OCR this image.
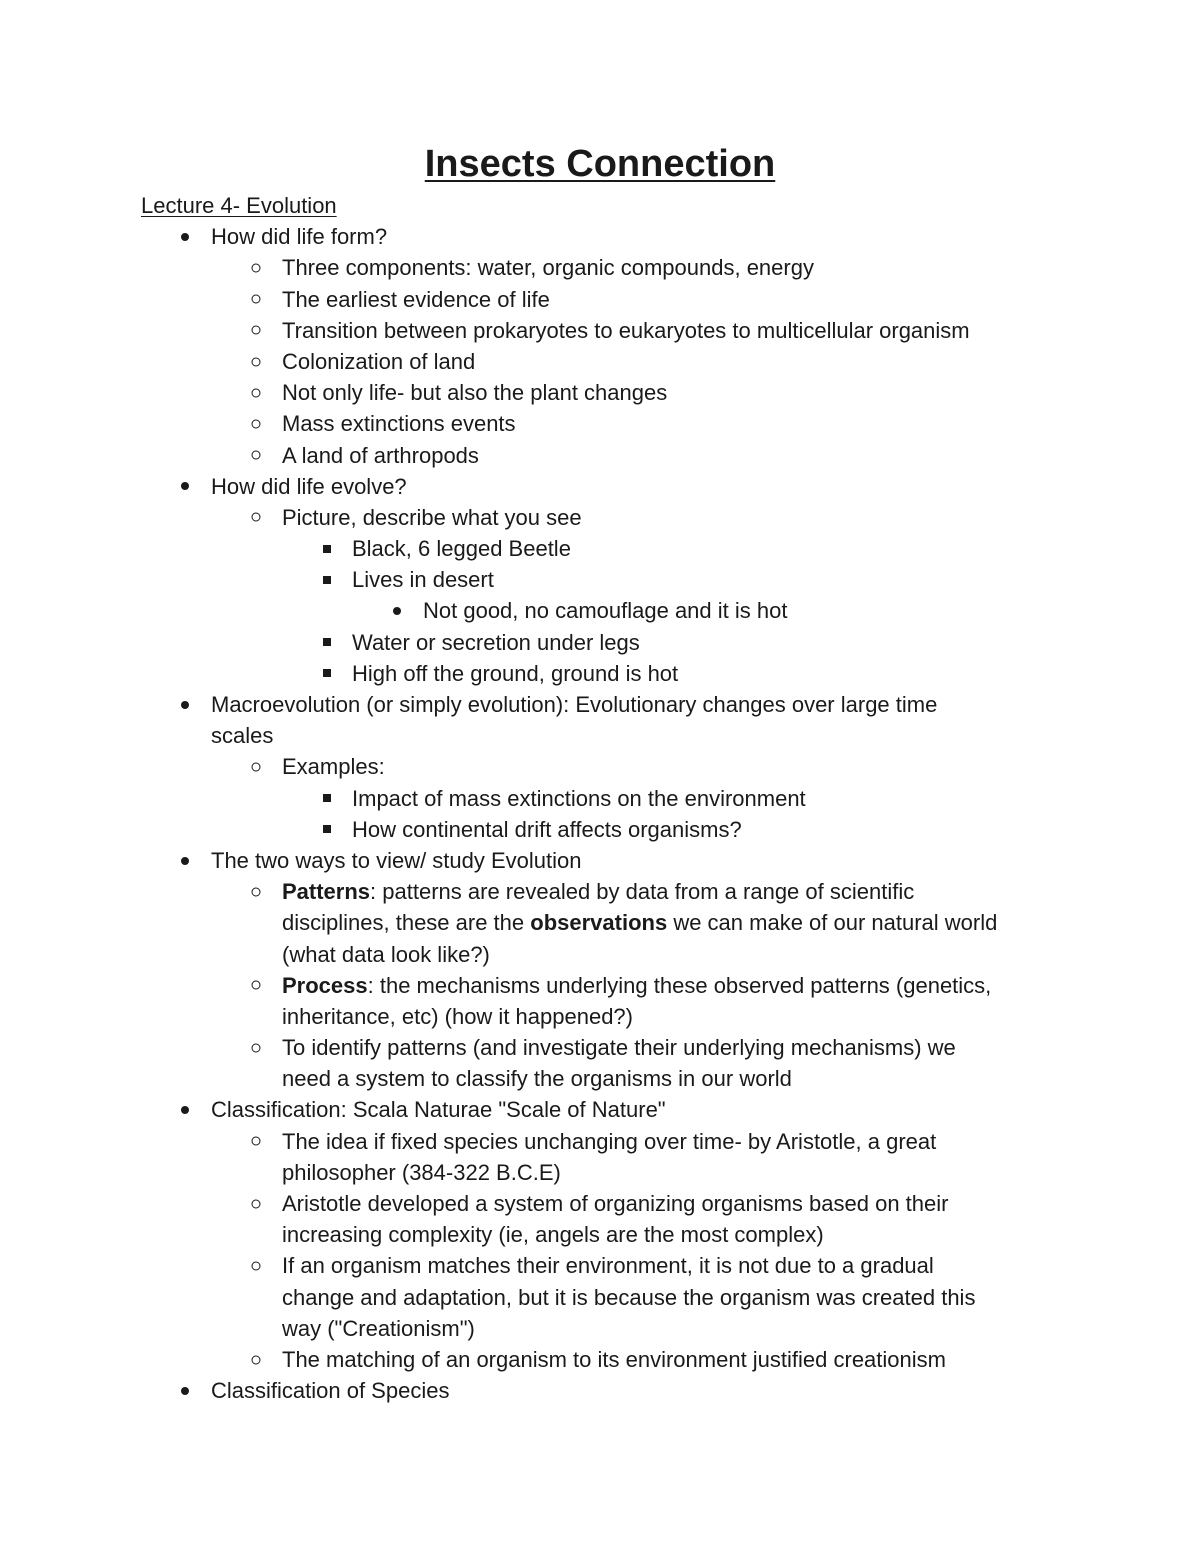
Insects Connection
Lecture 4- Evolution
How did life form?
Three components: water, organic compounds, energy
The earliest evidence of life
Transition between prokaryotes to eukaryotes to multicellular organism
Colonization of land
Not only life- but also the plant changes
Mass extinctions events
A land of arthropods
How did life evolve?
Picture, describe what you see
Black, 6 legged Beetle
Lives in desert
Not good, no camouflage and it is hot
Water or secretion under legs
High off the ground, ground is hot
Macroevolution (or simply evolution): Evolutionary changes over large time
scales
Examples:
Impact of mass extinctions on the environment
How continental drift affects organisms?
The two ways to view/ study Evolution
Patterns: patterns are revealed by data from a range of scientific
disciplines, these are the observations we can make of our natural world
(what data look like?)
Process: the mechanisms underlying these observed patterns (genetics,
inheritance, etc) (how it happened?)
To identify patterns (and investigate their underlying mechanisms) we
need a system to classify the organisms in our world
Classification: Scala Naturae "Scale of Nature"
The idea if fixed species unchanging over time- by Aristotle, a great
philosopher (384-322 B.C.E)
Aristotle developed a system of organizing organisms based on their
increasing complexity (ie, angels are the most complex)
If an organism matches their environment, it is not due to a gradual
change and adaptation, but it is because the organism was created this
way ("Creationism")
The matching of an organism to its environment justified creationism
Classification of Species
